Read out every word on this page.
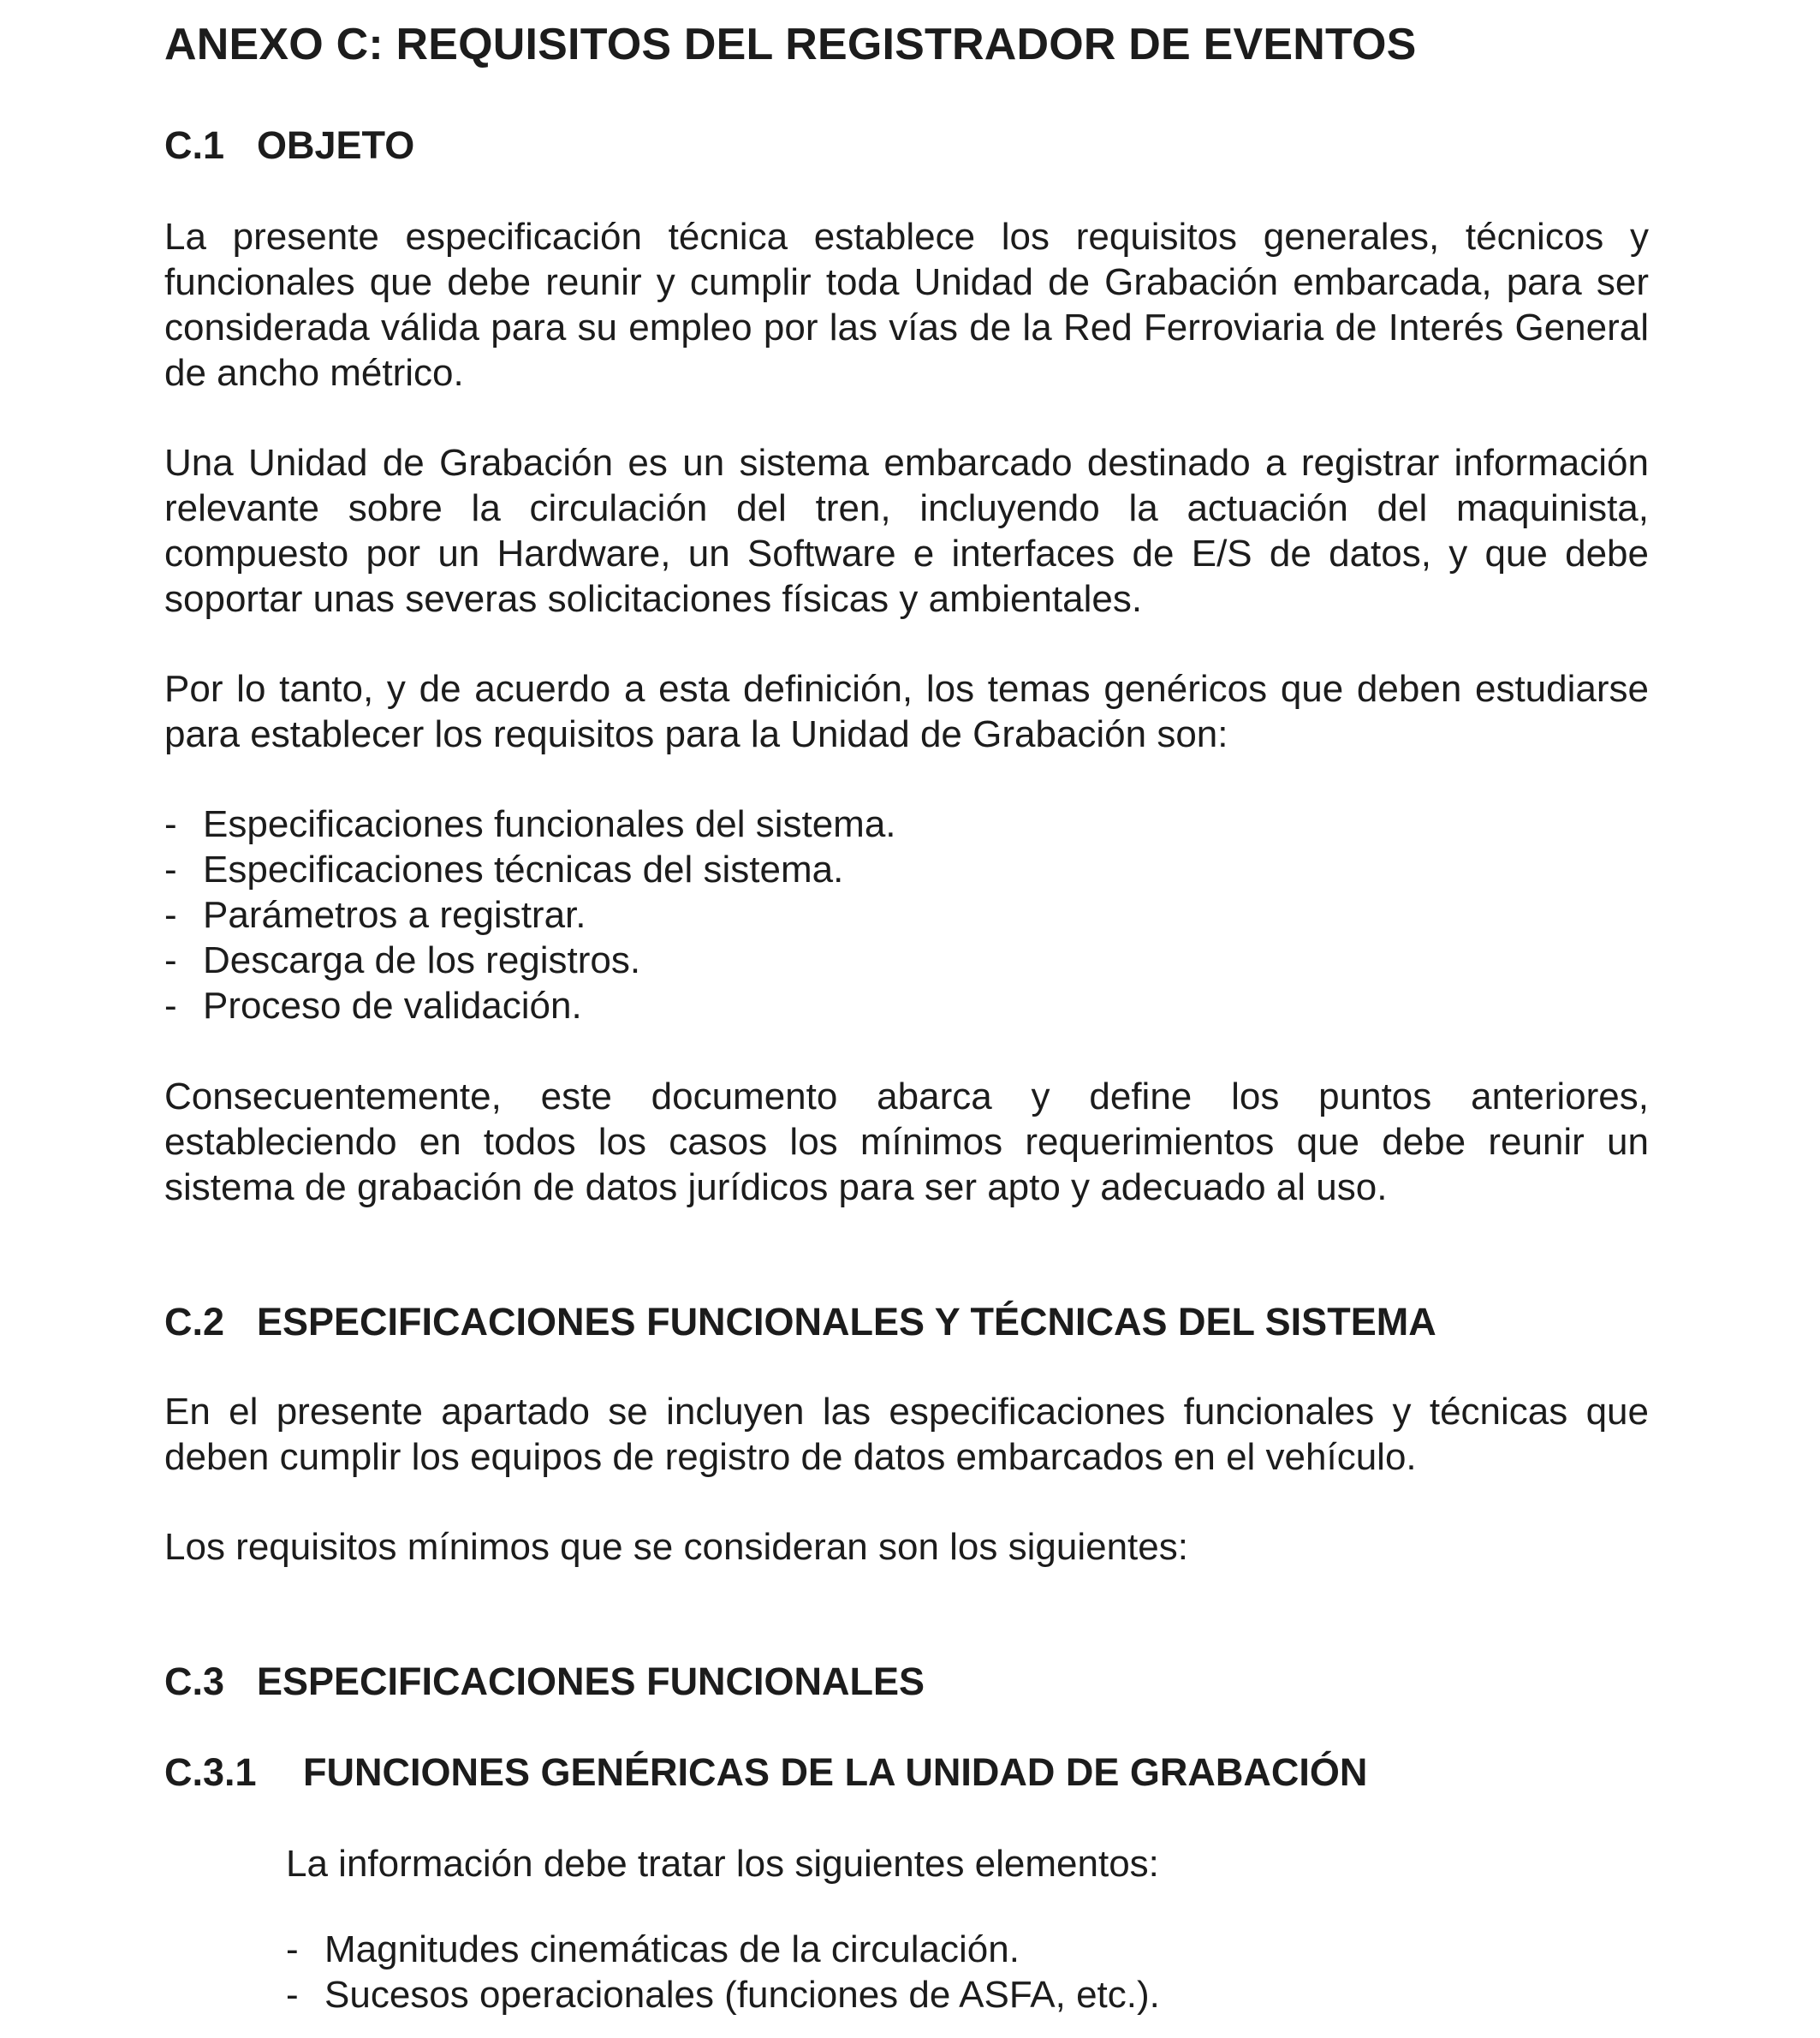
ANEXO C: REQUISITOS DEL REGISTRADOR DE EVENTOS
C.1 OBJETO

La presente especificación técnica establece los requisitos generales, técnicos y funcionales que debe reunir y cumplir toda Unidad de Grabación embarcada, para ser considerada válida para su empleo por las vías de la Red Ferroviaria de Interés General de ancho métrico.

Una Unidad de Grabación es un sistema embarcado destinado a registrar información relevante sobre la circulación del tren, incluyendo la actuación del maquinista, compuesto por un Hardware, un Software e interfaces de E/S de datos, y que debe soportar unas severas solicitaciones físicas y ambientales.

Por lo tanto, y de acuerdo a esta definición, los temas genéricos que deben estudiarse para establecer los requisitos para la Unidad de Grabación son:

- Especificaciones funcionales del sistema.
- Especificaciones técnicas del sistema.
- Parámetros a registrar.
- Descarga de los registros.
- Proceso de validación.

Consecuentemente, este documento abarca y define los puntos anteriores, estableciendo en todos los casos los mínimos requerimientos que debe reunir un sistema de grabación de datos jurídicos para ser apto y adecuado al uso.

C.2 ESPECIFICACIONES FUNCIONALES Y TÉCNICAS DEL SISTEMA

En el presente apartado se incluyen las especificaciones funcionales y técnicas que deben cumplir los equipos de registro de datos embarcados en el vehículo.

Los requisitos mínimos que se consideran son los siguientes:

C.3 ESPECIFICACIONES FUNCIONALES
C.3.1 FUNCIONES GENÉRICAS DE LA UNIDAD DE GRABACIÓN

La información debe tratar los siguientes elementos:

- Magnitudes cinemáticas de la circulación.
- Sucesos operacionales (funciones de ASFA, etc.).
